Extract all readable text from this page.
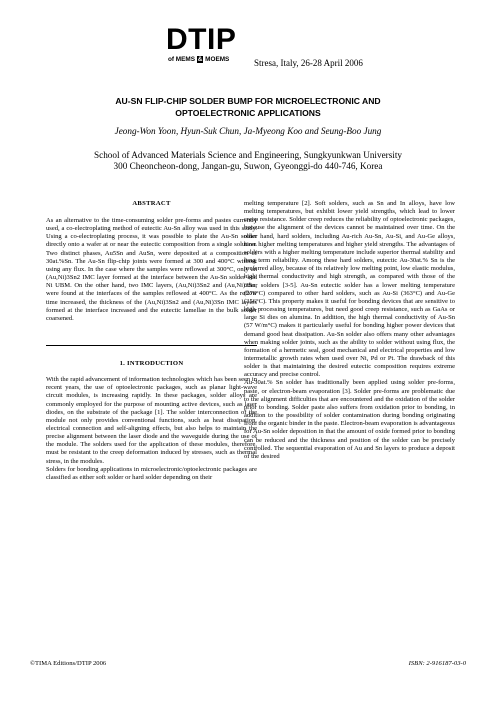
DTIP
of MEMS & MOEMS	Stresa, Italy, 26-28 April 2006
AU-SN FLIP-CHIP SOLDER BUMP FOR MICROELECTRONIC AND
OPTOELECTRONIC APPLICATIONS
Jeong-Won Yoon, Hyun-Suk Chun, Ja-Myeong Koo and Seung-Boo Jung
School of Advanced Materials Science and Engineering, Sungkyunkwan University
300 Cheoncheon-dong, Jangan-gu, Suwon, Gyeonggi-do 440-746, Korea

ABSTRACT

As an alternative to the time-consuming solder pre-forms and pastes currently used, a co-electroplating method of eutectic Au-Sn alloy was used in this study. Using a co-electroplating process, it was possible to plate the Au-Sn solder directly onto a wafer at or near the eutectic composition from a single solution. Two distinct phases, Au5Sn and AuSn, were deposited at a composition of 30at.%Sn. The Au-Sn flip-chip joints were formed at 300 and 400°C without using any flux. In the case where the samples were reflowed at 300°C, only an (Au,Ni)3Sn2 IMC layer formed at the interface between the Au-Sn solder and Ni UBM. On the other hand, two IMC layers, (Au,Ni)3Sn2 and (Au,Ni)3Sn, were found at the interfaces of the samples reflowed at 400°C. As the reflow time increased, the thickness of the (Au,Ni)3Sn2 and (Au,Ni)3Sn IMC layers formed at the interface increased and the eutectic lamellae in the bulk solder coarsened.

1. INTRODUCTION

With the rapid advancement of information technologies which has been seen in recent years, the use of optoelectronic packages, such as planar light-wave circuit modules, is increasing rapidly. In these packages, solder alloys are commonly employed for the purpose of mounting active devices, such as laser diodes, on the substrate of the package [1]. The solder interconnection of the module not only provides conventional functions, such as heat dissipation, electrical connection and self-aligning effects, but also helps to maintain the precise alignment between the laser diode and the waveguide during the use of the module. The solders used for the application of these modules, therefore, must be resistant to the creep deformation induced by stresses, such as thermal stress, in the modules.

Solders for bonding applications in microelectronic/optoelectronic packages are classified as either soft solder or hard solder depending on their

melting temperature [2]. Soft solders, such as Sn and In alloys, have low melting temperatures, but exhibit lower yield strengths, which lead to lower creep resistance. Solder creep reduces the reliability of optoelectronic packages, because the alignment of the devices cannot be maintained over time. On the other hand, hard solders, including Au-rich Au-Sn, Au-Si, and Au-Ge alloys, have higher melting temperatures and higher yield strengths. The advantages of solders with a higher melting temperature include superior thermal stability and long term reliability. Among these hard solders, eutectic Au-30at.% Sn is the preferred alloy, because of its relatively low melting point, low elastic modulus, high thermal conductivity and high strength, as compared with those of the other solders [3-5]. Au-Sn eutectic solder has a lower melting temperature (278°C) compared to other hard solders, such as Au-Si (363°C) and Au-Ge (356°C). This property makes it useful for bonding devices that are sensitive to high processing temperatures, but need good creep resistance, such as GaAs or large Si dies on alumina. In addition, the high thermal conductivity of Au-Sn (57 W/m°C) makes it particularly useful for bonding higher power devices that demand good heat dissipation. Au-Sn solder also offers many other advantages when making solder joints, such as the ability to solder without using flux, the formation of a hermetic seal, good mechanical and electrical properties and low intermetallic growth rates when used over Ni, Pd or Pt. The drawback of this solder is that maintaining the desired eutectic composition requires extreme accuracy and precise control.

Au-30at.% Sn solder has traditionally been applied using solder pre-forms, paste, or electron-beam evaporation [3]. Solder pre-forms are problematic due to the alignment difficulties that are encountered and the oxidation of the solder prior to bonding. Solder paste also suffers from oxidation prior to bonding, in addition to the possibility of solder contamination during bonding originating from the organic binder in the paste. Electron-beam evaporation is advantageous for Au-Sn solder deposition in that the amount of oxide formed prior to bonding can be reduced and the thickness and position of the solder can be precisely controlled. The sequential evaporation of Au and Sn layers to produce a deposit of the desired

©TIMA Editions/DTIP 2006	ISBN: 2-916187-03-0
